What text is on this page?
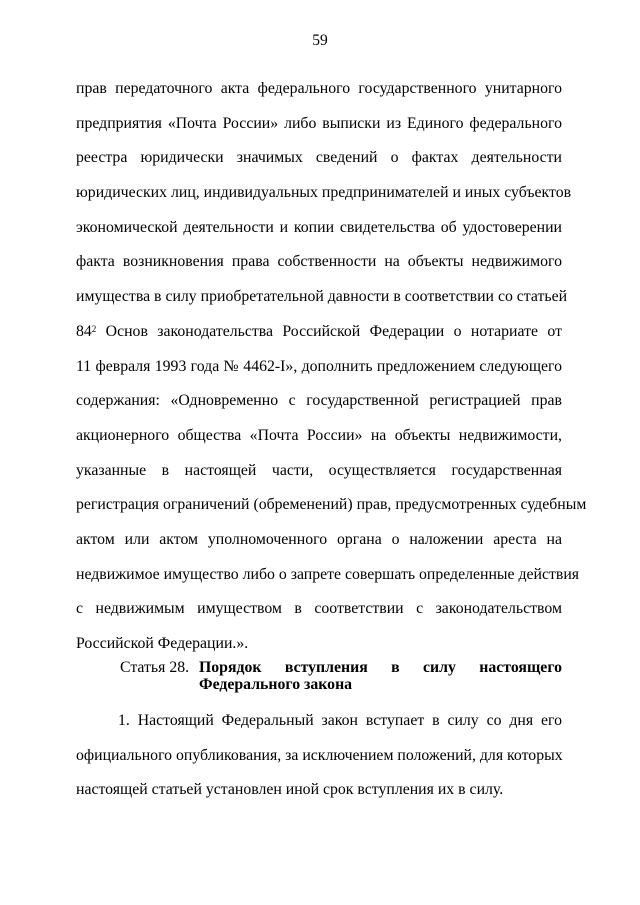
59
прав передаточного акта федерального государственного унитарного
предприятия «Почта России» либо выписки из Единого федерального
реестра юридически значимых сведений о фактах деятельности
юридических лиц, индивидуальных предпринимателей и иных субъектов
экономической деятельности и копии свидетельства об удостоверении
факта возникновения права собственности на объекты недвижимого
имущества в силу приобретательной давности в соответствии со статьей
$84^2$ Основ законодательства Российской Федерации о нотариате от
11 февраля 1993 года № 4462-I», дополнить предложением следующего
содержания: «Одновременно с государственной регистрацией прав
акционерного общества «Почта России» на объекты недвижимости,
указанные в настоящей части, осуществляется государственная
регистрация ограничений (обременений) прав, предусмотренных судебным
актом или актом уполномоченного органа о наложении ареста на
недвижимое имущество либо о запрете совершать определенные действия
с недвижимым имуществом в соответствии с законодательством
Российской Федерации.».
Статья 28. Порядок вступления в силу настоящего
Федерального закона
1. Настоящий Федеральный закон вступает в силу со дня его
официального опубликования, за исключением положений, для которых
настоящей статьей установлен иной срок вступления их в силу.
